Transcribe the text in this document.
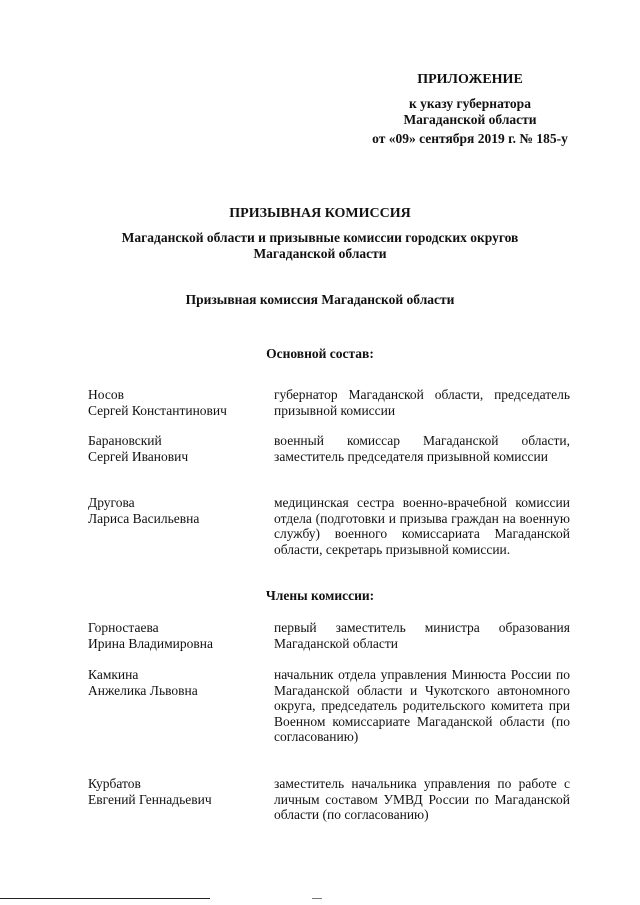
ПРИЛОЖЕНИЕ
к указу губернатора
Магаданской области
от «09» сентября 2019 г. № 185-у
ПРИЗЫВНАЯ КОМИССИЯ
Магаданской области и призывные комиссии городских округов
Магаданской области
Призывная комиссия Магаданской области
Основной состав:
Носов
Сергей Константинович
губернатор Магаданской области, председатель призывной комиссии
Барановский
Сергей Иванович
военный комиссар Магаданской области, заместитель председателя призывной комиссии
Другова
Лариса Васильевна
медицинская сестра военно-врачебной комиссии отдела (подготовки и призыва граждан на военную службу) военного комиссариата Магаданской области, секретарь призывной комиссии.
Члены комиссии:
Горностаева
Ирина Владимировна
первый заместитель министра образования Магаданской области
Камкина
Анжелика Львовна
начальник отдела управления Минюста России по Магаданской области и Чукотского автономного округа, председатель родительского комитета при Военном комиссариате Магаданской области (по согласованию)
Курбатов
Евгений Геннадьевич
заместитель начальника управления по работе с личным составом УМВД России по Магаданской области (по согласованию)
